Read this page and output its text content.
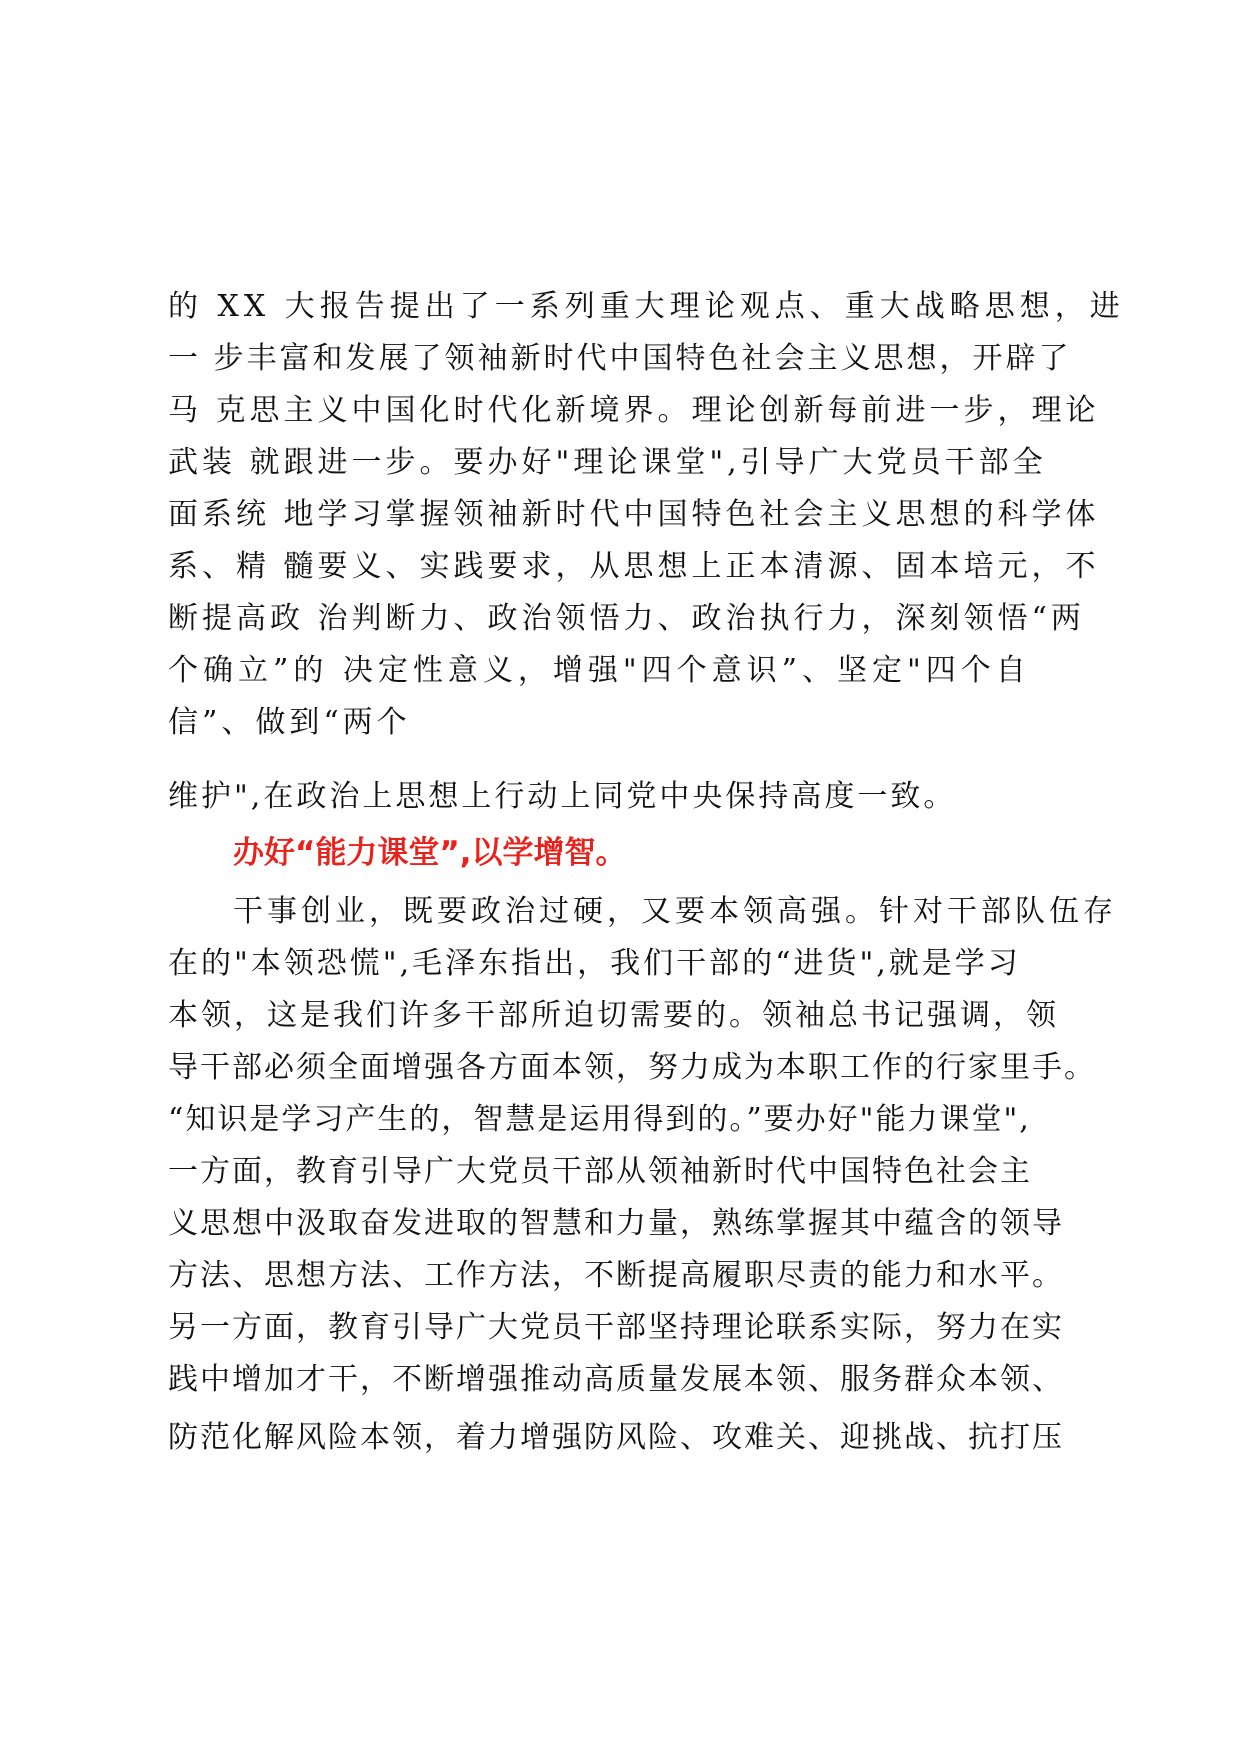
的 XX 大报告提出了一系列重大理论观点、重大战略思想，进
一 步丰富和发展了领袖新时代中国特色社会主义思想，开辟了
马 克思主义中国化时代化新境界。理论创新每前进一步，理论
武装 就跟进一步。要办好"理论课堂",引导广大党员干部全
面系统 地学习掌握领袖新时代中国特色社会主义思想的科学体
系、精 髓要义、实践要求，从思想上正本清源、固本培元，不
断提高政 治判断力、政治领悟力、政治执行力，深刻领悟“两
个确立”的 决定性意义，增强"四个意识”、坚定"四个自
信”、做到“两个
维护",在政治上思想上行动上同党中央保持高度一致。
办好“能力课堂”,以学增智。
干事创业，既要政治过硬，又要本领高强。针对干部队伍存
在的"本领恐慌",毛泽东指出，我们干部的“进货",就是学习
本领，这是我们许多干部所迫切需要的。领袖总书记强调，领
导干部必须全面增强各方面本领，努力成为本职工作的行家里手。
“知识是学习产生的，智慧是运用得到的。”要办好"能力课堂",
一方面，教育引导广大党员干部从领袖新时代中国特色社会主
义思想中汲取奋发进取的智慧和力量，熟练掌握其中蕴含的领导
方法、思想方法、工作方法，不断提高履职尽责的能力和水平。
另一方面，教育引导广大党员干部坚持理论联系实际，努力在实
践中增加才干，不断增强推动高质量发展本领、服务群众本领、
防范化解风险本领，着力增强防风险、攻难关、迎挑战、抗打压
